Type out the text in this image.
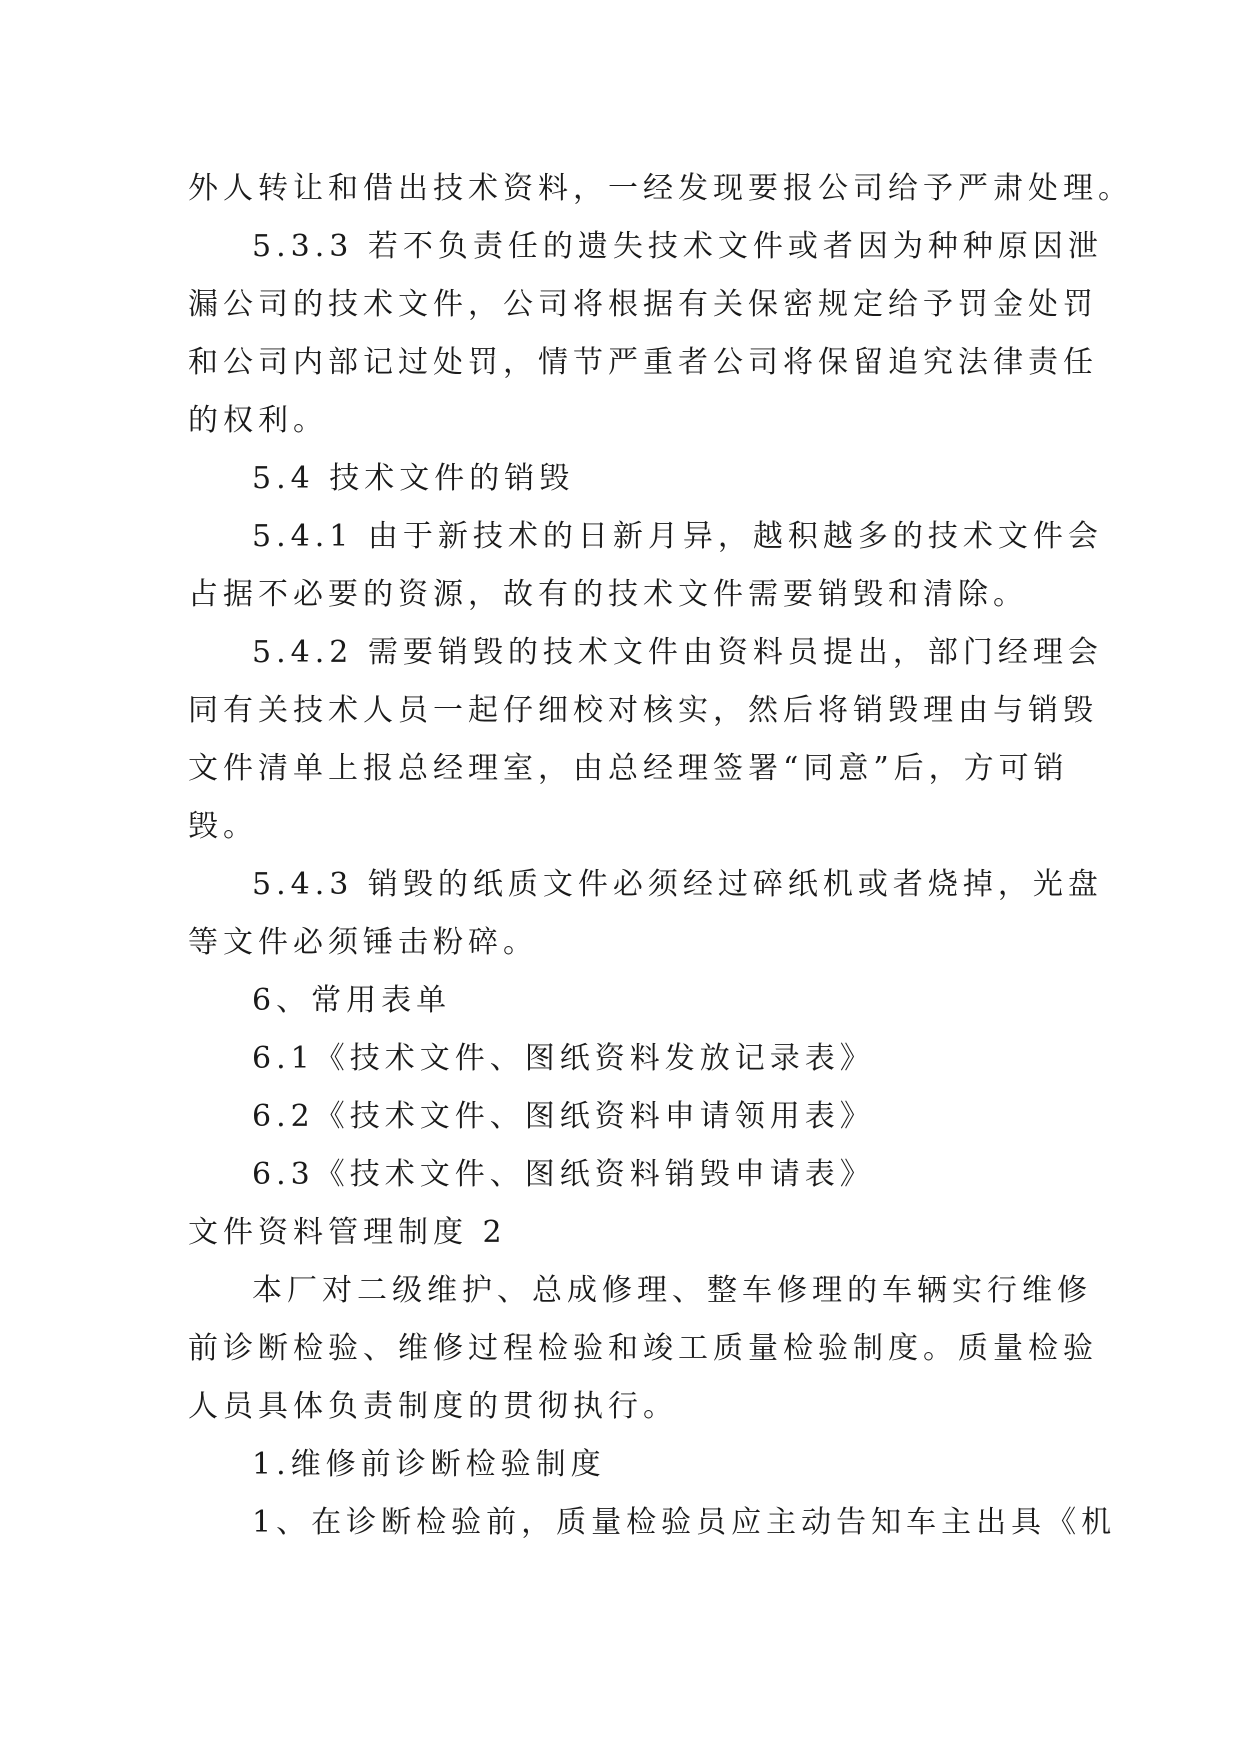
外人转让和借出技术资料，一经发现要报公司给予严肃处理。
5.3.3 若不负责任的遗失技术文件或者因为种种原因泄
漏公司的技术文件，公司将根据有关保密规定给予罚金处罚
和公司内部记过处罚，情节严重者公司将保留追究法律责任
的权利。
5.4 技术文件的销毁
5.4.1 由于新技术的日新月异，越积越多的技术文件会
占据不必要的资源，故有的技术文件需要销毁和清除。
5.4.2 需要销毁的技术文件由资料员提出，部门经理会
同有关技术人员一起仔细校对核实，然后将销毁理由与销毁
文件清单上报总经理室，由总经理签署“同意”后，方可销
毁。
5.4.3 销毁的纸质文件必须经过碎纸机或者烧掉，光盘
等文件必须锤击粉碎。
6、常用表单
6.1《技术文件、图纸资料发放记录表》
6.2《技术文件、图纸资料申请领用表》
6.3《技术文件、图纸资料销毁申请表》
文件资料管理制度 2
本厂对二级维护、总成修理、整车修理的车辆实行维修
前诊断检验、维修过程检验和竣工质量检验制度。质量检验
人员具体负责制度的贯彻执行。
1.维修前诊断检验制度
1、在诊断检验前，质量检验员应主动告知车主出具《机
